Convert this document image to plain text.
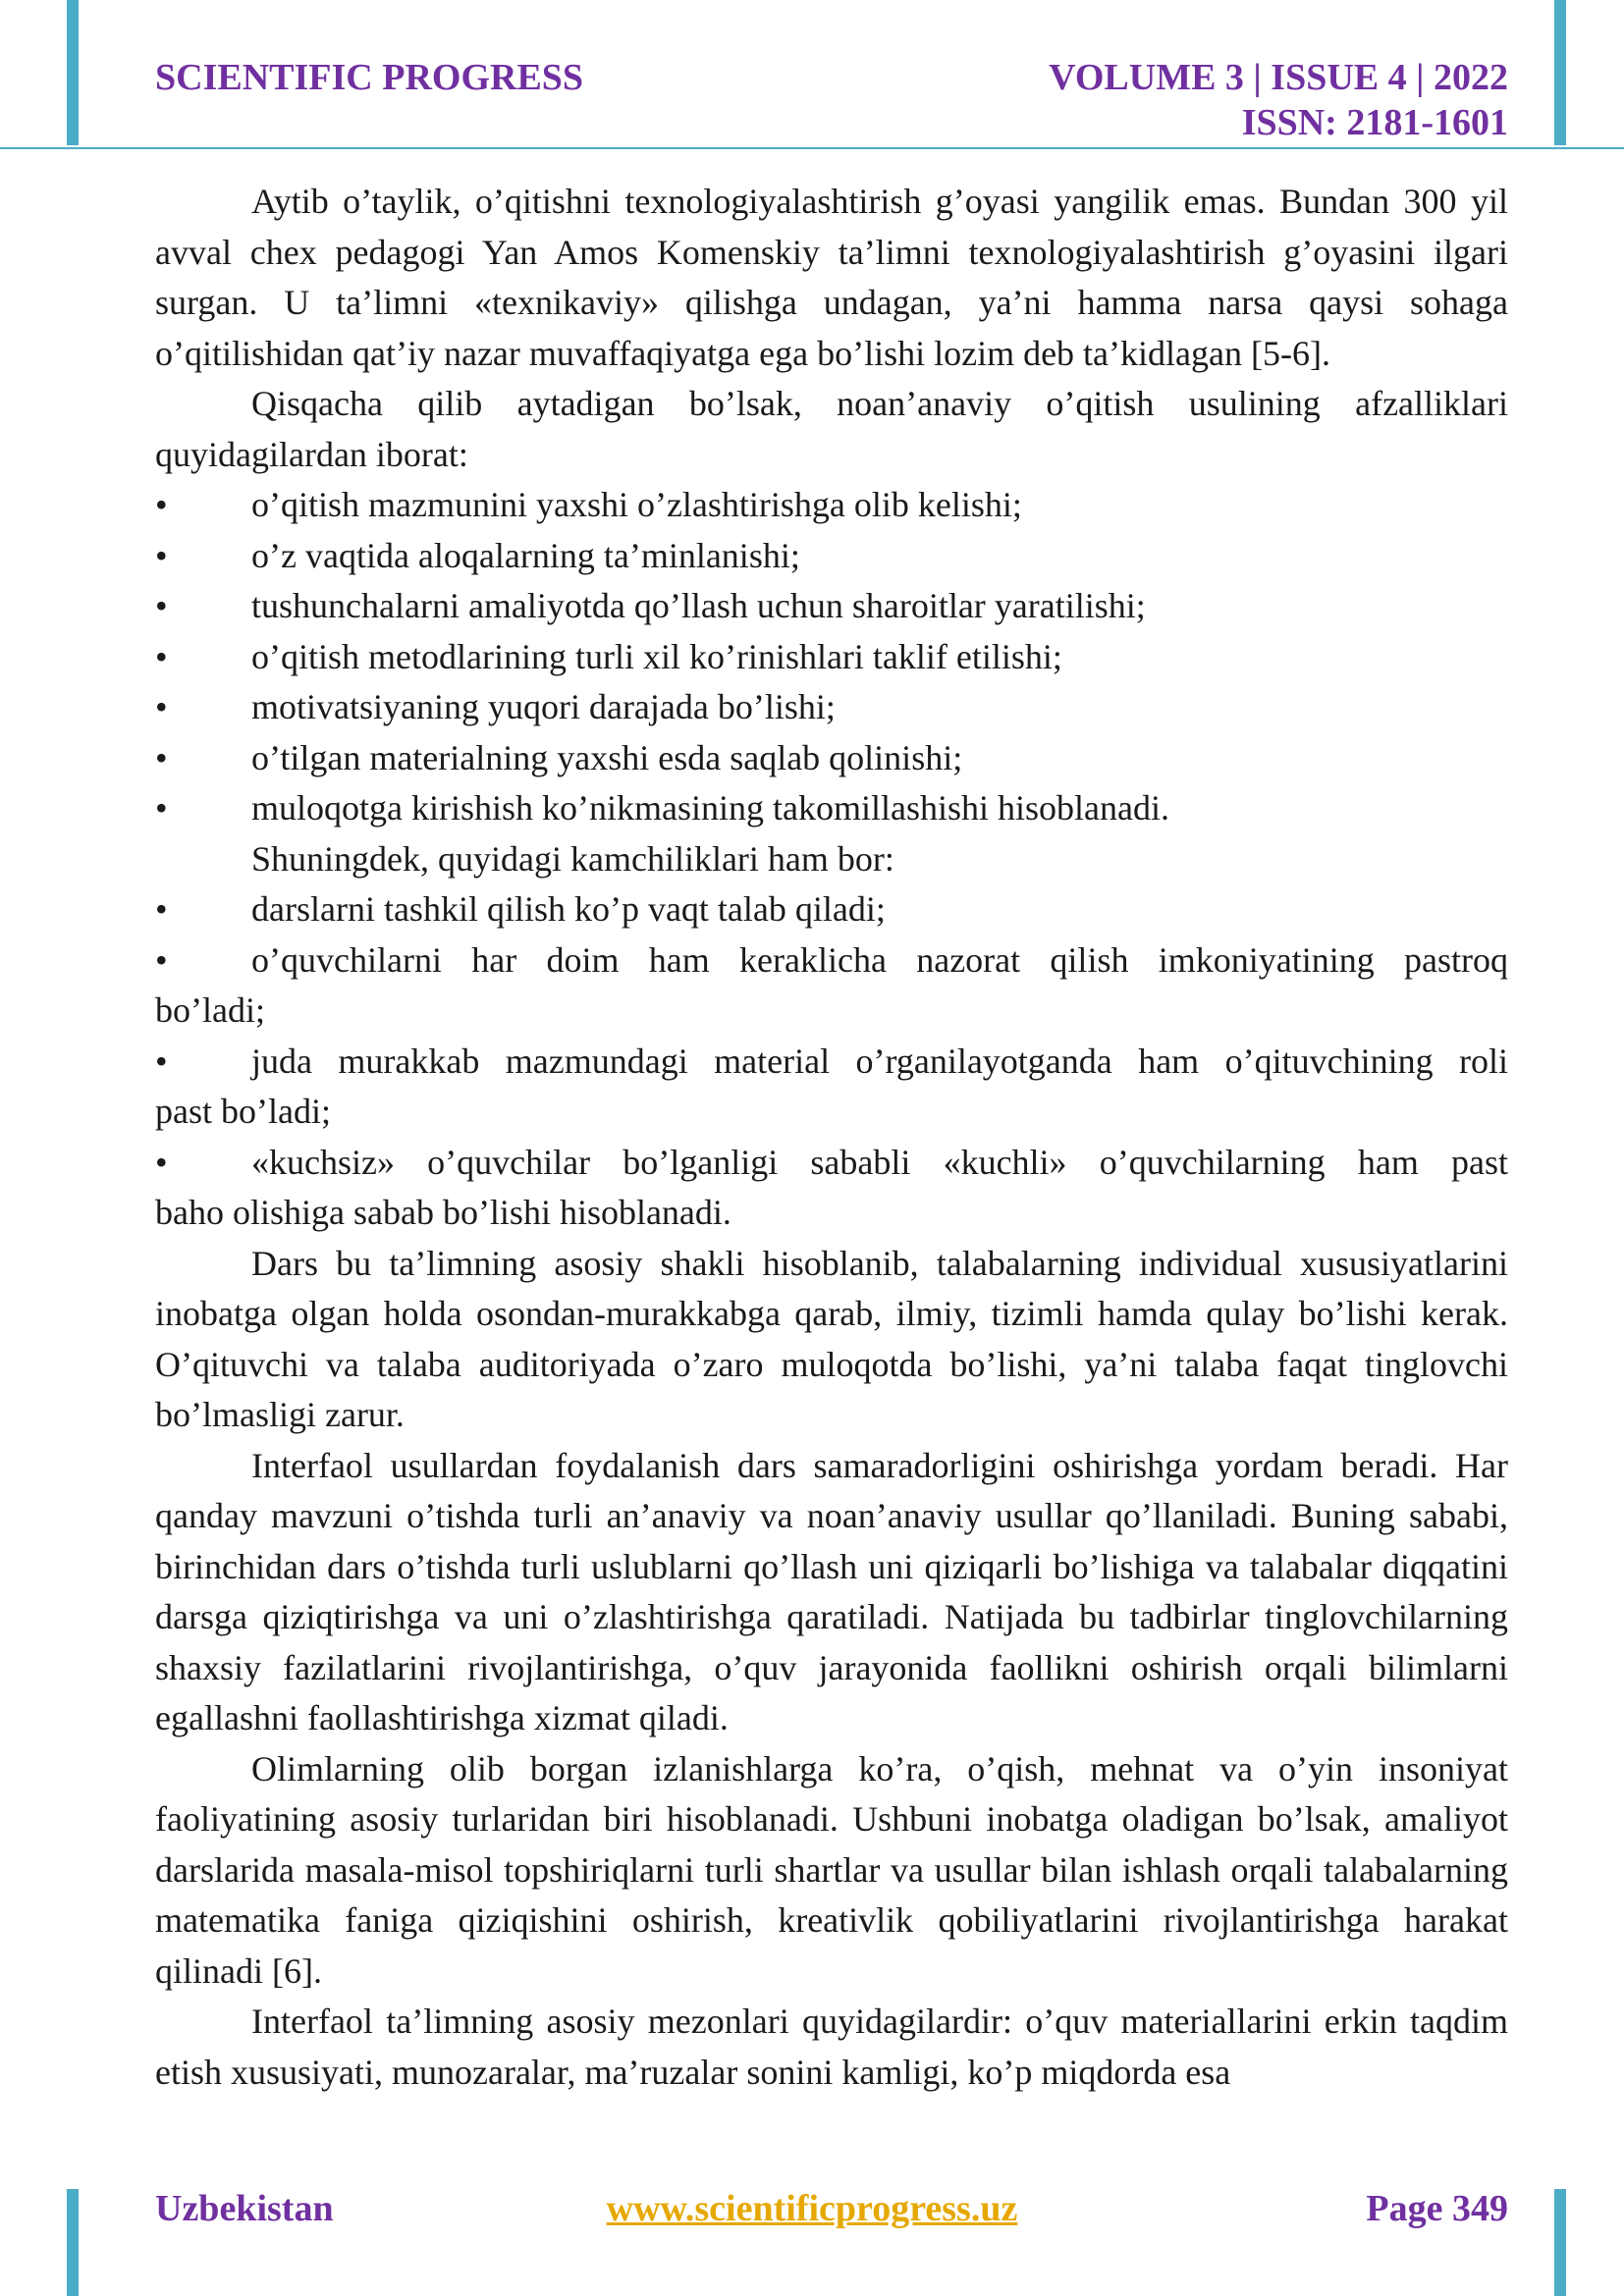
SCIENTIFIC PROGRESS	VOLUME 3 | ISSUE 4 | 2022
ISSN: 2181-1601

Aytib o’taylik, o’qitishni texnologiyalashtirish g’oyasi yangilik emas. Bundan 300 yil avval chex pedagogi Yan Amos Komenskiy ta’limni texnologiyalashtirish g’oyasini ilgari surgan. U ta’limni «texnikaviy» qilishga undagan, ya’ni hamma narsa qaysi sohaga o’qitilishidan qat’iy nazar muvaffaqiyatga ega bo’lishi lozim deb ta’kidlagan [5-6].

Qisqacha qilib aytadigan bo’lsak, noan’anaviy o’qitish usulining afzalliklari quyidagilardan iborat:

•	o’qitish mazmunini yaxshi o’zlashtirishga olib kelishi;
•	o’z vaqtida aloqalarning ta’minlanishi;
•	tushunchalarni amaliyotda qo’llash uchun sharoitlar yaratilishi;
•	o’qitish metodlarining turli xil ko’rinishlari taklif etilishi;
•	motivatsiyaning yuqori darajada bo’lishi;
•	o’tilgan materialning yaxshi esda saqlab qolinishi;
•	muloqotga kirishish ko’nikmasining takomillashishi hisoblanadi.

Shuningdek, quyidagi kamchiliklari ham bor:

•	darslarni tashkil qilish ko’p vaqt talab qiladi;
• o’quvchilarni har doim ham keraklicha nazorat qilish imkoniyatining pastroq
bo’ladi;
• juda murakkab mazmundagi material o’rganilayotganda ham o’qituvchining roli
past bo’ladi;
• «kuchsiz» o’quvchilar bo’lganligi sababli «kuchli» o’quvchilarning ham past
baho olishiga sabab bo’lishi hisoblanadi.

Dars bu ta’limning asosiy shakli hisoblanib, talabalarning individual xususiyatlarini inobatga olgan holda osondan-murakkabga qarab, ilmiy, tizimli hamda qulay bo’lishi kerak. O’qituvchi va talaba auditoriyada o’zaro muloqotda bo’lishi, ya’ni talaba faqat tinglovchi bo’lmasligi zarur.

Interfaol usullardan foydalanish dars samaradorligini oshirishga yordam beradi. Har qanday mavzuni o’tishda turli an’anaviy va noan’anaviy usullar qo’llaniladi. Buning sababi, birinchidan dars o’tishda turli uslublarni qo’llash uni qiziqarli bo’lishiga va talabalar diqqatini darsga qiziqtirishga va uni o’zlashtirishga qaratiladi. Natijada bu tadbirlar tinglovchilarning shaxsiy fazilatlarini rivojlantirishga, o’quv jarayonida faollikni oshirish orqali bilimlarni egallashni faollashtirishga xizmat qiladi.

Olimlarning olib borgan izlanishlarga ko’ra, o’qish, mehnat va o’yin insoniyat faoliyatining asosiy turlaridan biri hisoblanadi. Ushbuni inobatga oladigan bo’lsak, amaliyot darslarida masala-misol topshiriqlarni turli shartlar va usullar bilan ishlash orqali talabalarning matematika faniga qiziqishini oshirish, kreativlik qobiliyatlarini rivojlantirishga harakat qilinadi [6].

Interfaol ta’limning asosiy mezonlari quyidagilardir: o’quv materiallarini erkin taqdim etish xususiyati, munozaralar, ma’ruzalar sonini kamligi, ko’p miqdorda esa

Uzbekistan	www.scientificprogress.uz	Page 349
